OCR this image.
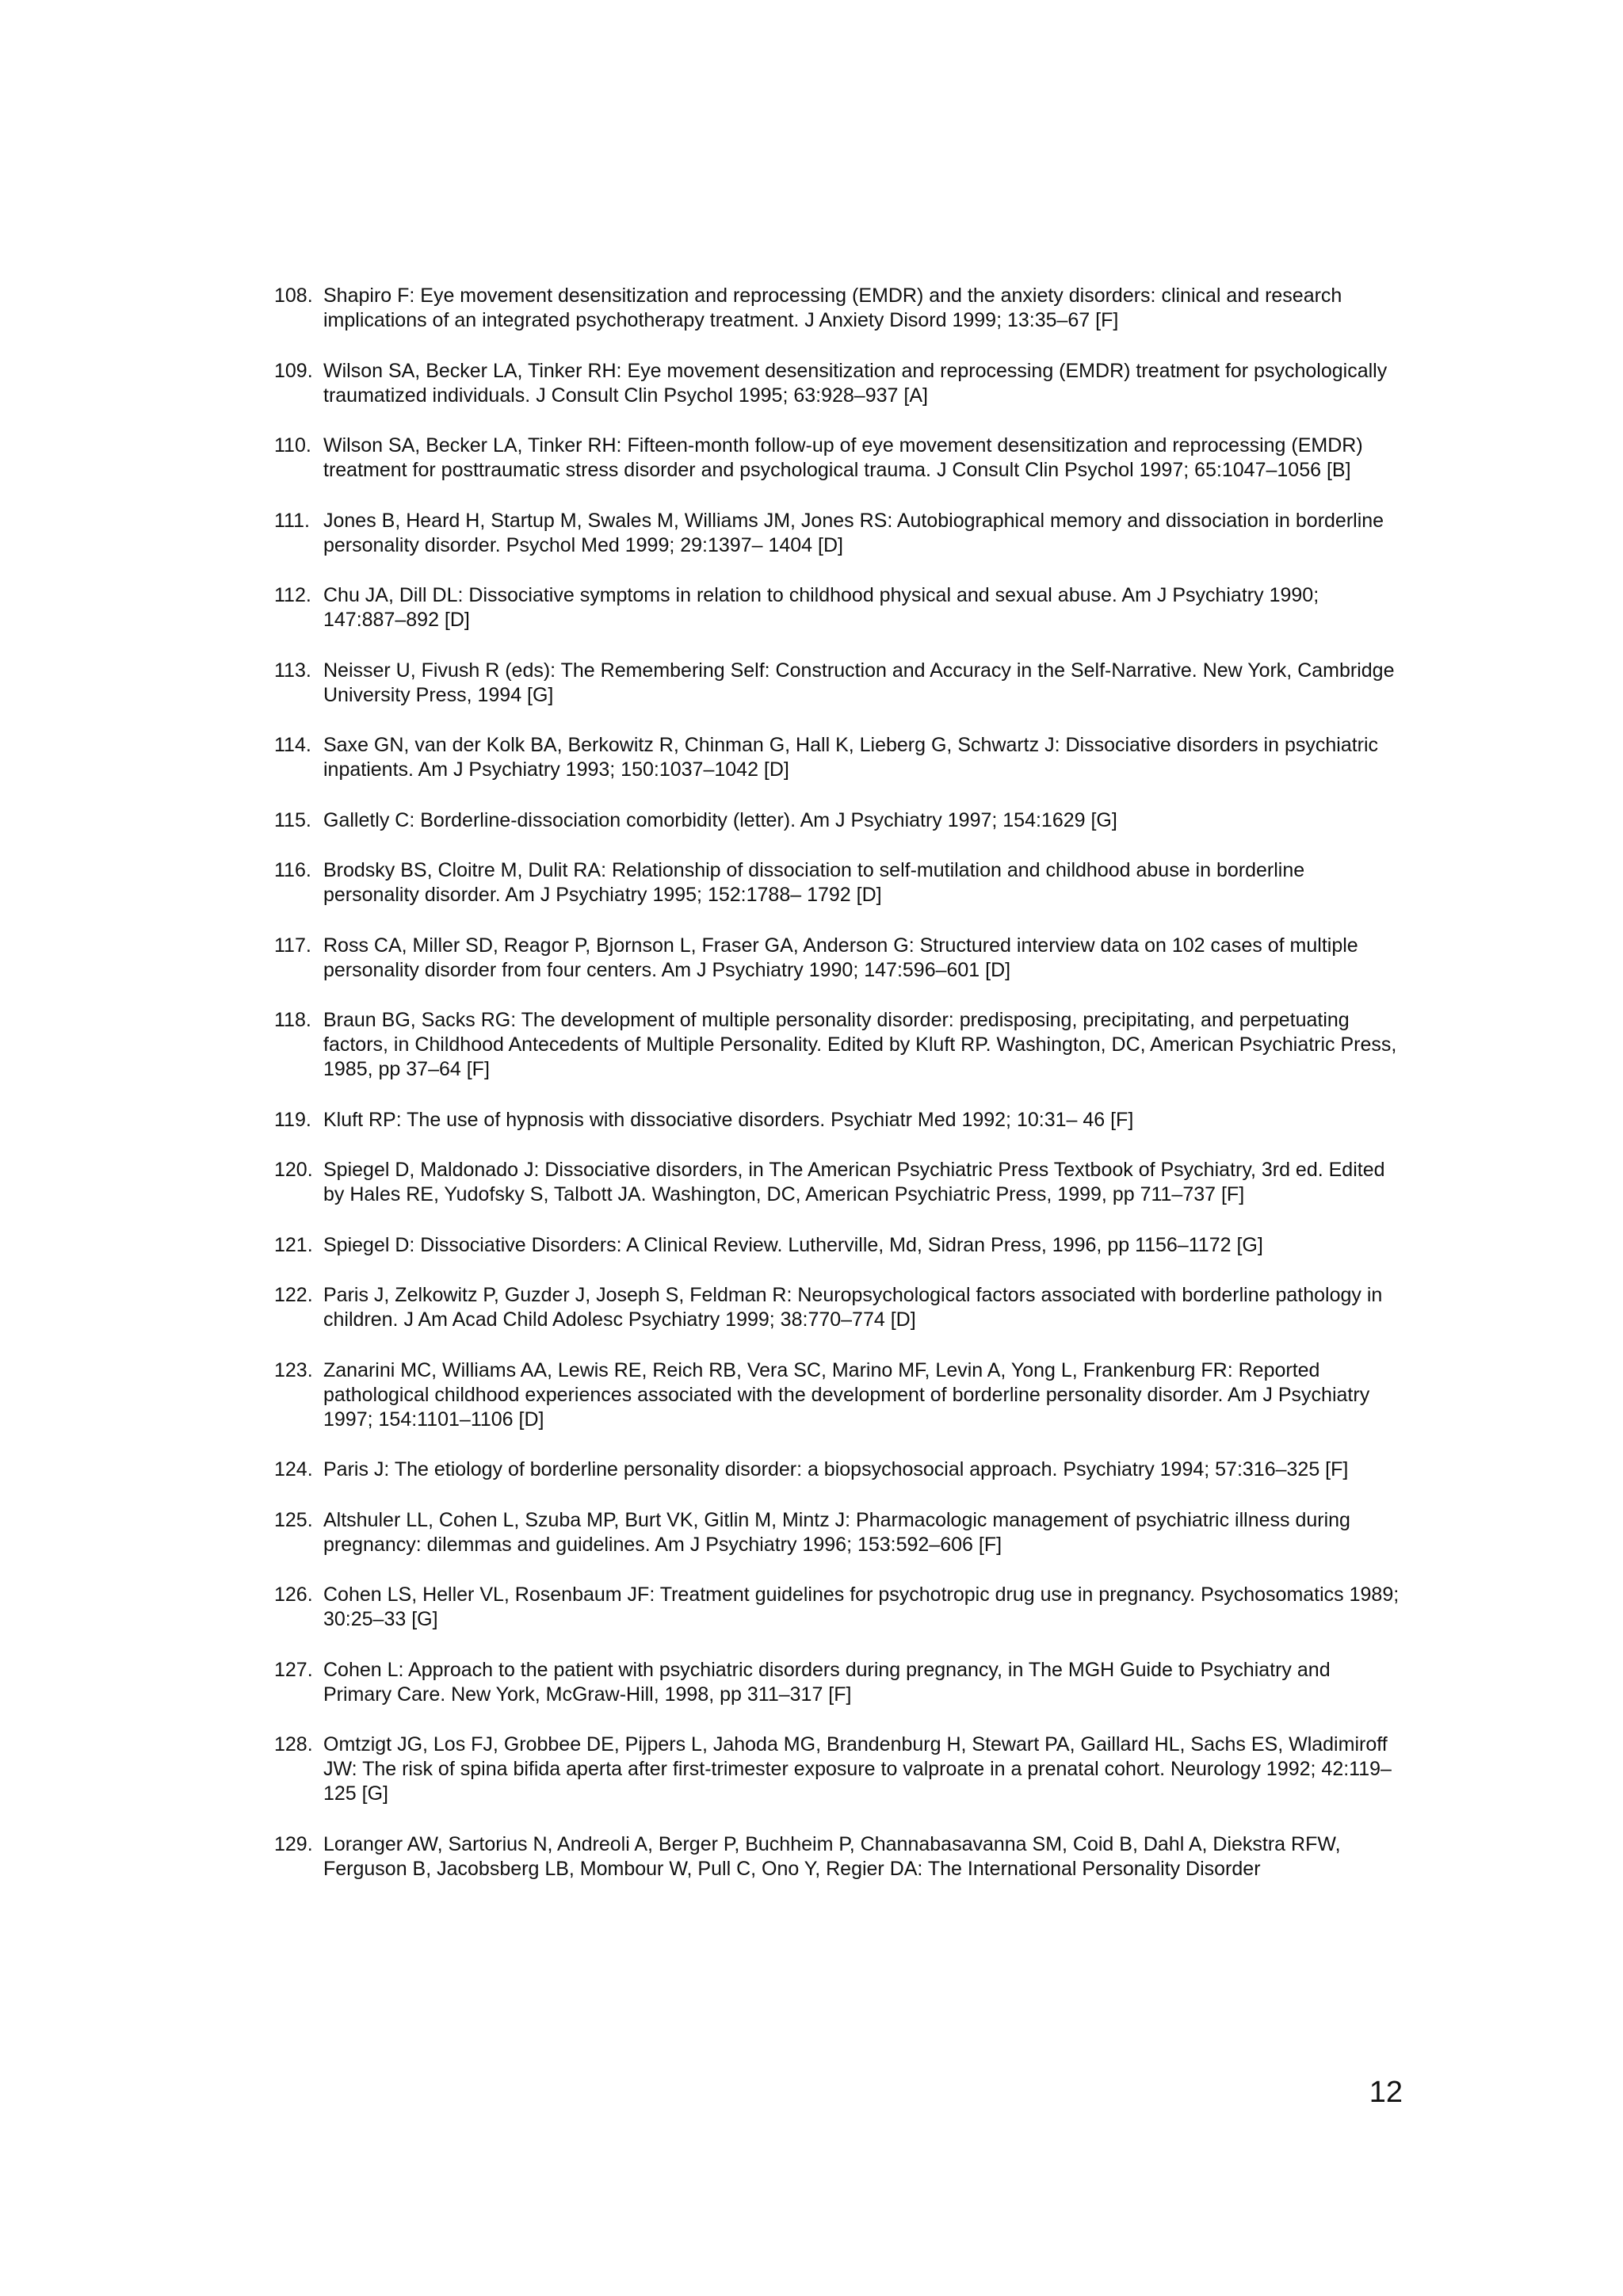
108. Shapiro F: Eye movement desensitization and reprocessing (EMDR) and the anxiety disorders: clinical and research implications of an integrated psychotherapy treatment. J Anxiety Disord 1999; 13:35–67 [F]
109. Wilson SA, Becker LA, Tinker RH: Eye movement desensitization and reprocessing (EMDR) treatment for psychologically traumatized individuals. J Consult Clin Psychol 1995; 63:928–937 [A]
110. Wilson SA, Becker LA, Tinker RH: Fifteen-month follow-up of eye movement desensitization and reprocessing (EMDR) treatment for posttraumatic stress disorder and psychological trauma. J Consult Clin Psychol 1997; 65:1047–1056 [B]
111. Jones B, Heard H, Startup M, Swales M, Williams JM, Jones RS: Autobiographical memory and dissociation in borderline personality disorder. Psychol Med 1999; 29:1397– 1404 [D]
112. Chu JA, Dill DL: Dissociative symptoms in relation to childhood physical and sexual abuse. Am J Psychiatry 1990; 147:887–892 [D]
113. Neisser U, Fivush R (eds): The Remembering Self: Construction and Accuracy in the Self-Narrative. New York, Cambridge University Press, 1994 [G]
114. Saxe GN, van der Kolk BA, Berkowitz R, Chinman G, Hall K, Lieberg G, Schwartz J: Dissociative disorders in psychiatric inpatients. Am J Psychiatry 1993; 150:1037–1042 [D]
115. Galletly C: Borderline-dissociation comorbidity (letter). Am J Psychiatry 1997; 154:1629 [G]
116. Brodsky BS, Cloitre M, Dulit RA: Relationship of dissociation to self-mutilation and childhood abuse in borderline personality disorder. Am J Psychiatry 1995; 152:1788– 1792 [D]
117. Ross CA, Miller SD, Reagor P, Bjornson L, Fraser GA, Anderson G: Structured interview data on 102 cases of multiple personality disorder from four centers. Am J Psychiatry 1990; 147:596–601 [D]
118. Braun BG, Sacks RG: The development of multiple personality disorder: predisposing, precipitating, and perpetuating factors, in Childhood Antecedents of Multiple Personality. Edited by Kluft RP. Washington, DC, American Psychiatric Press, 1985, pp 37–64 [F]
119. Kluft RP: The use of hypnosis with dissociative disorders. Psychiatr Med 1992; 10:31– 46 [F]
120. Spiegel D, Maldonado J: Dissociative disorders, in The American Psychiatric Press Textbook of Psychiatry, 3rd ed. Edited by Hales RE, Yudofsky S, Talbott JA. Washington, DC, American Psychiatric Press, 1999, pp 711–737 [F]
121. Spiegel D: Dissociative Disorders: A Clinical Review. Lutherville, Md, Sidran Press, 1996, pp 1156–1172 [G]
122. Paris J, Zelkowitz P, Guzder J, Joseph S, Feldman R: Neuropsychological factors associated with borderline pathology in children. J Am Acad Child Adolesc Psychiatry 1999; 38:770–774 [D]
123. Zanarini MC, Williams AA, Lewis RE, Reich RB, Vera SC, Marino MF, Levin A, Yong L, Frankenburg FR: Reported pathological childhood experiences associated with the development of borderline personality disorder. Am J Psychiatry 1997; 154:1101–1106 [D]
124. Paris J: The etiology of borderline personality disorder: a biopsychosocial approach. Psychiatry 1994; 57:316–325 [F]
125. Altshuler LL, Cohen L, Szuba MP, Burt VK, Gitlin M, Mintz J: Pharmacologic management of psychiatric illness during pregnancy: dilemmas and guidelines. Am J Psychiatry 1996; 153:592–606 [F]
126. Cohen LS, Heller VL, Rosenbaum JF: Treatment guidelines for psychotropic drug use in pregnancy. Psychosomatics 1989; 30:25–33 [G]
127. Cohen L: Approach to the patient with psychiatric disorders during pregnancy, in The MGH Guide to Psychiatry and Primary Care. New York, McGraw-Hill, 1998, pp 311–317 [F]
128. Omtzigt JG, Los FJ, Grobbee DE, Pijpers L, Jahoda MG, Brandenburg H, Stewart PA, Gaillard HL, Sachs ES, Wladimiroff JW: The risk of spina bifida aperta after first-trimester exposure to valproate in a prenatal cohort. Neurology 1992; 42:119–125 [G]
129. Loranger AW, Sartorius N, Andreoli A, Berger P, Buchheim P, Channabasavanna SM, Coid B, Dahl A, Diekstra RFW, Ferguson B, Jacobsberg LB, Mombour W, Pull C, Ono Y, Regier DA: The International Personality Disorder
12
